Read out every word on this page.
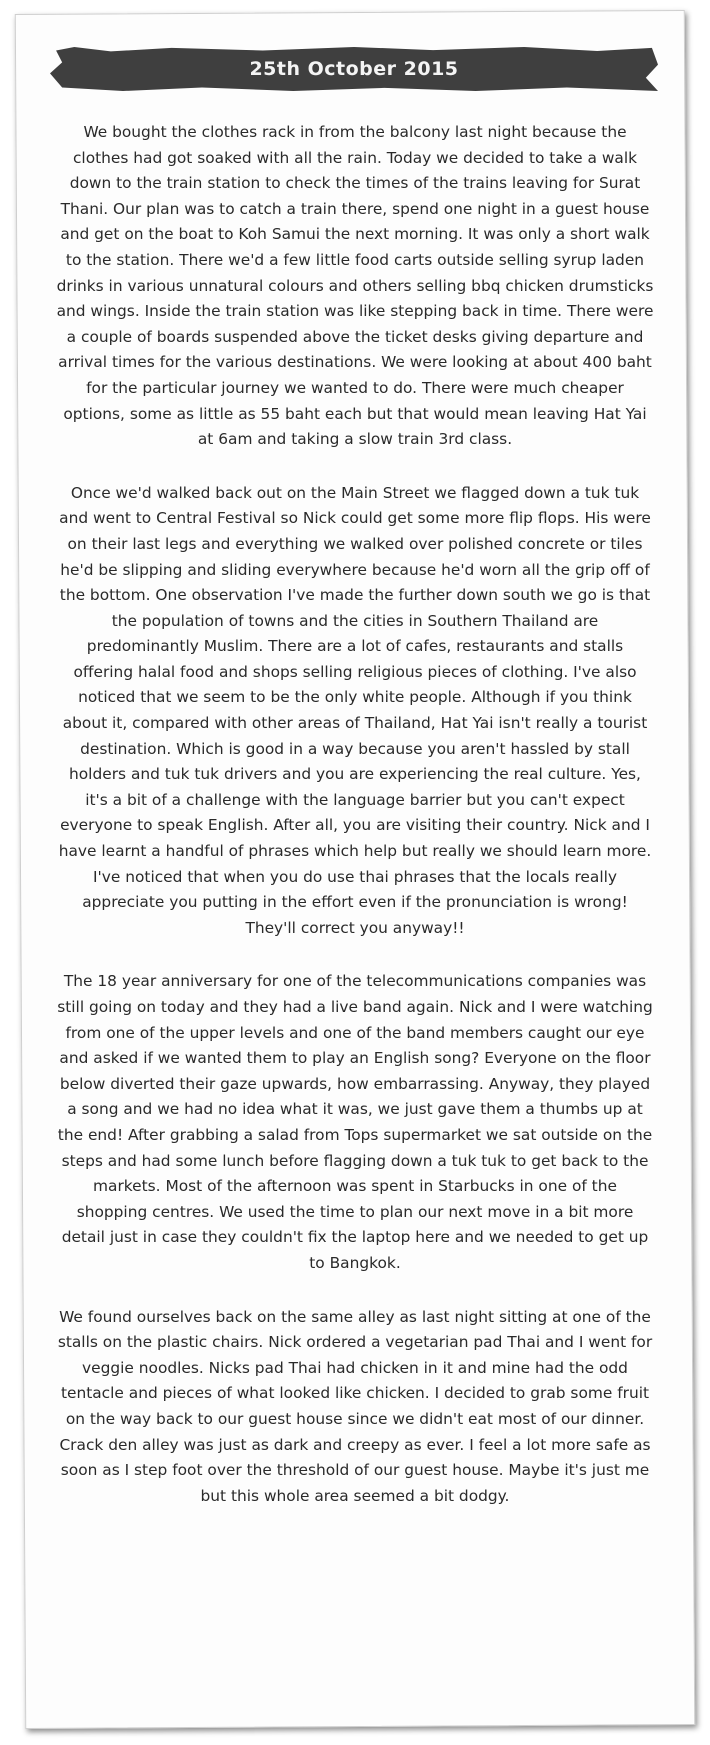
25th October 2015

We bought the clothes rack in from the balcony last night because the clothes had got soaked with all the rain. Today we decided to take a walk down to the train station to check the times of the trains leaving for Surat Thani. Our plan was to catch a train there, spend one night in a guest house and get on the boat to Koh Samui the next morning. It was only a short walk to the station. There we'd a few little food carts outside selling syrup laden drinks in various unnatural colours and others selling bbq chicken drumsticks and wings. Inside the train station was like stepping back in time. There were a couple of boards suspended above the ticket desks giving departure and arrival times for the various destinations. We were looking at about 400 baht for the particular journey we wanted to do. There were much cheaper options, some as little as 55 baht each but that would mean leaving Hat Yai at 6am and taking a slow train 3rd class.

Once we'd walked back out on the Main Street we flagged down a tuk tuk and went to Central Festival so Nick could get some more flip flops. His were on their last legs and everything we walked over polished concrete or tiles he'd be slipping and sliding everywhere because he'd worn all the grip off of the bottom. One observation I've made the further down south we go is that the population of towns and the cities in Southern Thailand are predominantly Muslim. There are a lot of cafes, restaurants and stalls offering halal food and shops selling religious pieces of clothing. I've also noticed that we seem to be the only white people. Although if you think about it, compared with other areas of Thailand, Hat Yai isn't really a tourist destination. Which is good in a way because you aren't hassled by stall holders and tuk tuk drivers and you are experiencing the real culture. Yes, it's a bit of a challenge with the language barrier but you can't expect everyone to speak English. After all, you are visiting their country. Nick and I have learnt a handful of phrases which help but really we should learn more. I've noticed that when you do use thai phrases that the locals really appreciate you putting in the effort even if the pronunciation is wrong! They'll correct you anyway!!

The 18 year anniversary for one of the telecommunications companies was still going on today and they had a live band again. Nick and I were watching from one of the upper levels and one of the band members caught our eye and asked if we wanted them to play an English song? Everyone on the floor below diverted their gaze upwards, how embarrassing. Anyway, they played a song and we had no idea what it was, we just gave them a thumbs up at the end! After grabbing a salad from Tops supermarket we sat outside on the steps and had some lunch before flagging down a tuk tuk to get back to the markets. Most of the afternoon was spent in Starbucks in one of the shopping centres. We used the time to plan our next move in a bit more detail just in case they couldn't fix the laptop here and we needed to get up to Bangkok.

We found ourselves back on the same alley as last night sitting at one of the stalls on the plastic chairs. Nick ordered a vegetarian pad Thai and I went for veggie noodles. Nicks pad Thai had chicken in it and mine had the odd tentacle and pieces of what looked like chicken. I decided to grab some fruit on the way back to our guest house since we didn't eat most of our dinner. Crack den alley was just as dark and creepy as ever. I feel a lot more safe as soon as I step foot over the threshold of our guest house. Maybe it's just me but this whole area seemed a bit dodgy.
